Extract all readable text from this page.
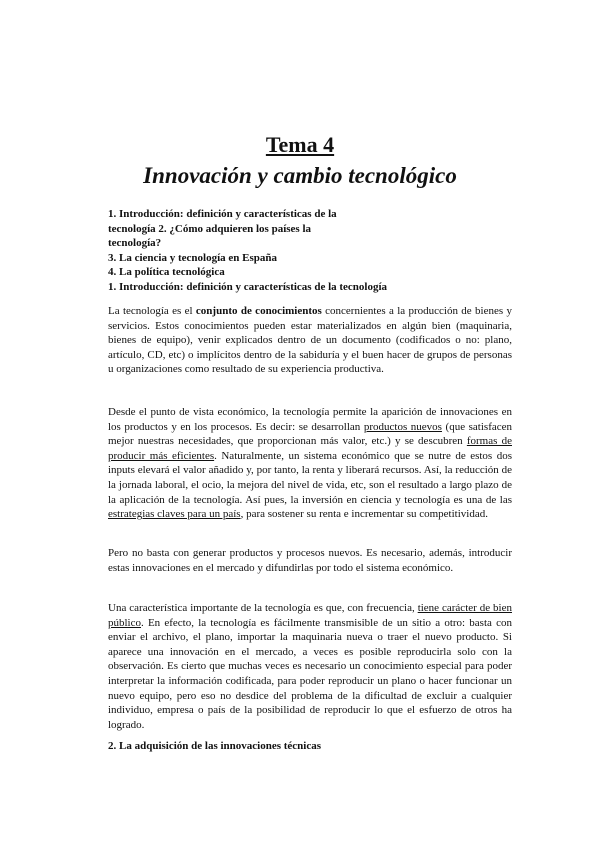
Tema 4
Innovación y cambio tecnológico
1. Introducción: definición y características de la
tecnología 2. ¿Cómo adquieren los países la
tecnología?
3. La ciencia y tecnología en España
4. La política tecnológica
1. Introducción: definición y características de la tecnología

La tecnología es el conjunto de conocimientos concernientes a la producción de bienes y servicios. Estos conocimientos pueden estar materializados en algún bien (maquinaria, bienes de equipo), venir explicados dentro de un documento (codificados o no: plano, artículo, CD, etc) o implícitos dentro de la sabiduría y el buen hacer de grupos de personas u organizaciones como resultado de su experiencia productiva.

Desde el punto de vista económico, la tecnología permite la aparición de innovaciones en los productos y en los procesos. Es decir: se desarrollan productos nuevos (que satisfacen mejor nuestras necesidades, que proporcionan más valor, etc.) y se descubren formas de producir más eficientes. Naturalmente, un sistema económico que se nutre de estos dos inputs elevará el valor añadido y, por tanto, la renta y liberará recursos. Así, la reducción de la jornada laboral, el ocio, la mejora del nivel de vida, etc, son el resultado a largo plazo de la aplicación de la tecnología. Así pues, la inversión en ciencia y tecnología es una de las estrategias claves para un país, para sostener su renta e incrementar su competitividad.

Pero no basta con generar productos y procesos nuevos. Es necesario, además, introducir estas innovaciones en el mercado y difundirlas por todo el sistema económico.

Una característica importante de la tecnología es que, con frecuencia, tiene carácter de bien público. En efecto, la tecnología es fácilmente transmisible de un sitio a otro: basta con enviar el archivo, el plano, importar la maquinaria nueva o traer el nuevo producto. Si aparece una innovación en el mercado, a veces es posible reproducirla solo con la observación. Es cierto que muchas veces es necesario un conocimiento especial para poder interpretar la información codificada, para poder reproducir un plano o hacer funcionar un nuevo equipo, pero eso no desdice del problema de la dificultad de excluir a cualquier individuo, empresa o país de la posibilidad de reproducir lo que el esfuerzo de otros ha logrado.

2. La adquisición de las innovaciones técnicas
